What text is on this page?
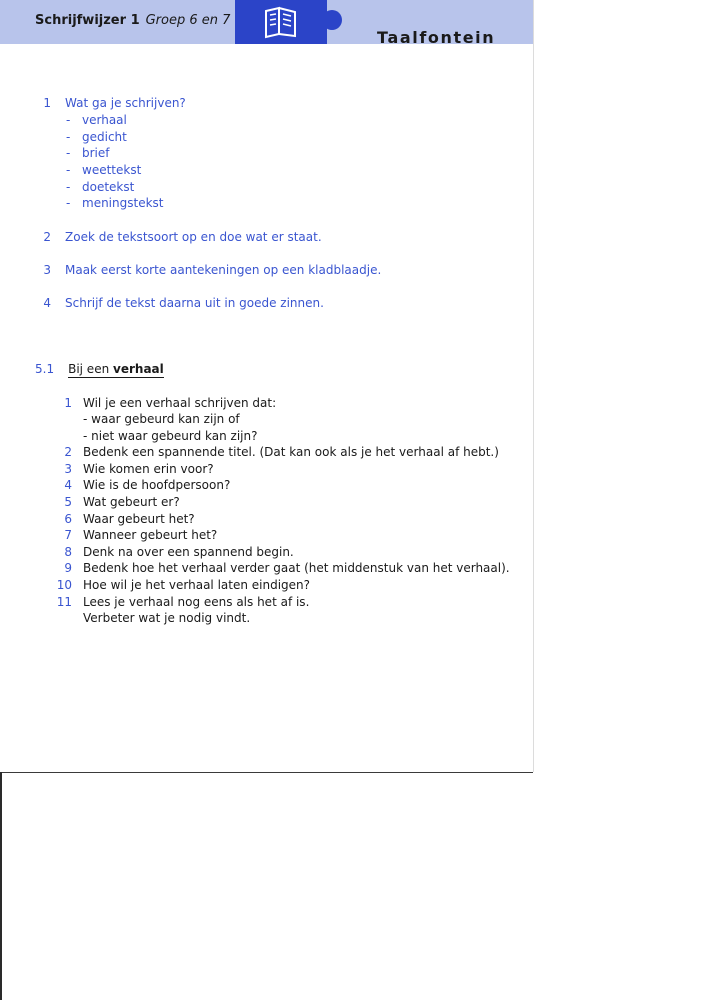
Schrijfwijzer 1 Groep 6 en 7
Taalfontein
1 Wat ga je schrijven?
- verhaal
- gedicht
- brief
- weettekst
- doetekst
- meningstekst
2 Zoek de tekstsoort op en doe wat er staat.
3 Maak eerst korte aantekeningen op een kladblaadje.
4 Schrijf de tekst daarna uit in goede zinnen.
5.1 Bij een verhaal
1 Wil je een verhaal schrijven dat:
- waar gebeurd kan zijn of
- niet waar gebeurd kan zijn?
2 Bedenk een spannende titel. (Dat kan ook als je het verhaal af hebt.)
3 Wie komen erin voor?
4 Wie is de hoofdpersoon?
5 Wat gebeurt er?
6 Waar gebeurt het?
7 Wanneer gebeurt het?
8 Denk na over een spannend begin.
9 Bedenk hoe het verhaal verder gaat (het middenstuk van het verhaal).
10 Hoe wil je het verhaal laten eindigen?
11 Lees je verhaal nog eens als het af is.
Verbeter wat je nodig vindt.
